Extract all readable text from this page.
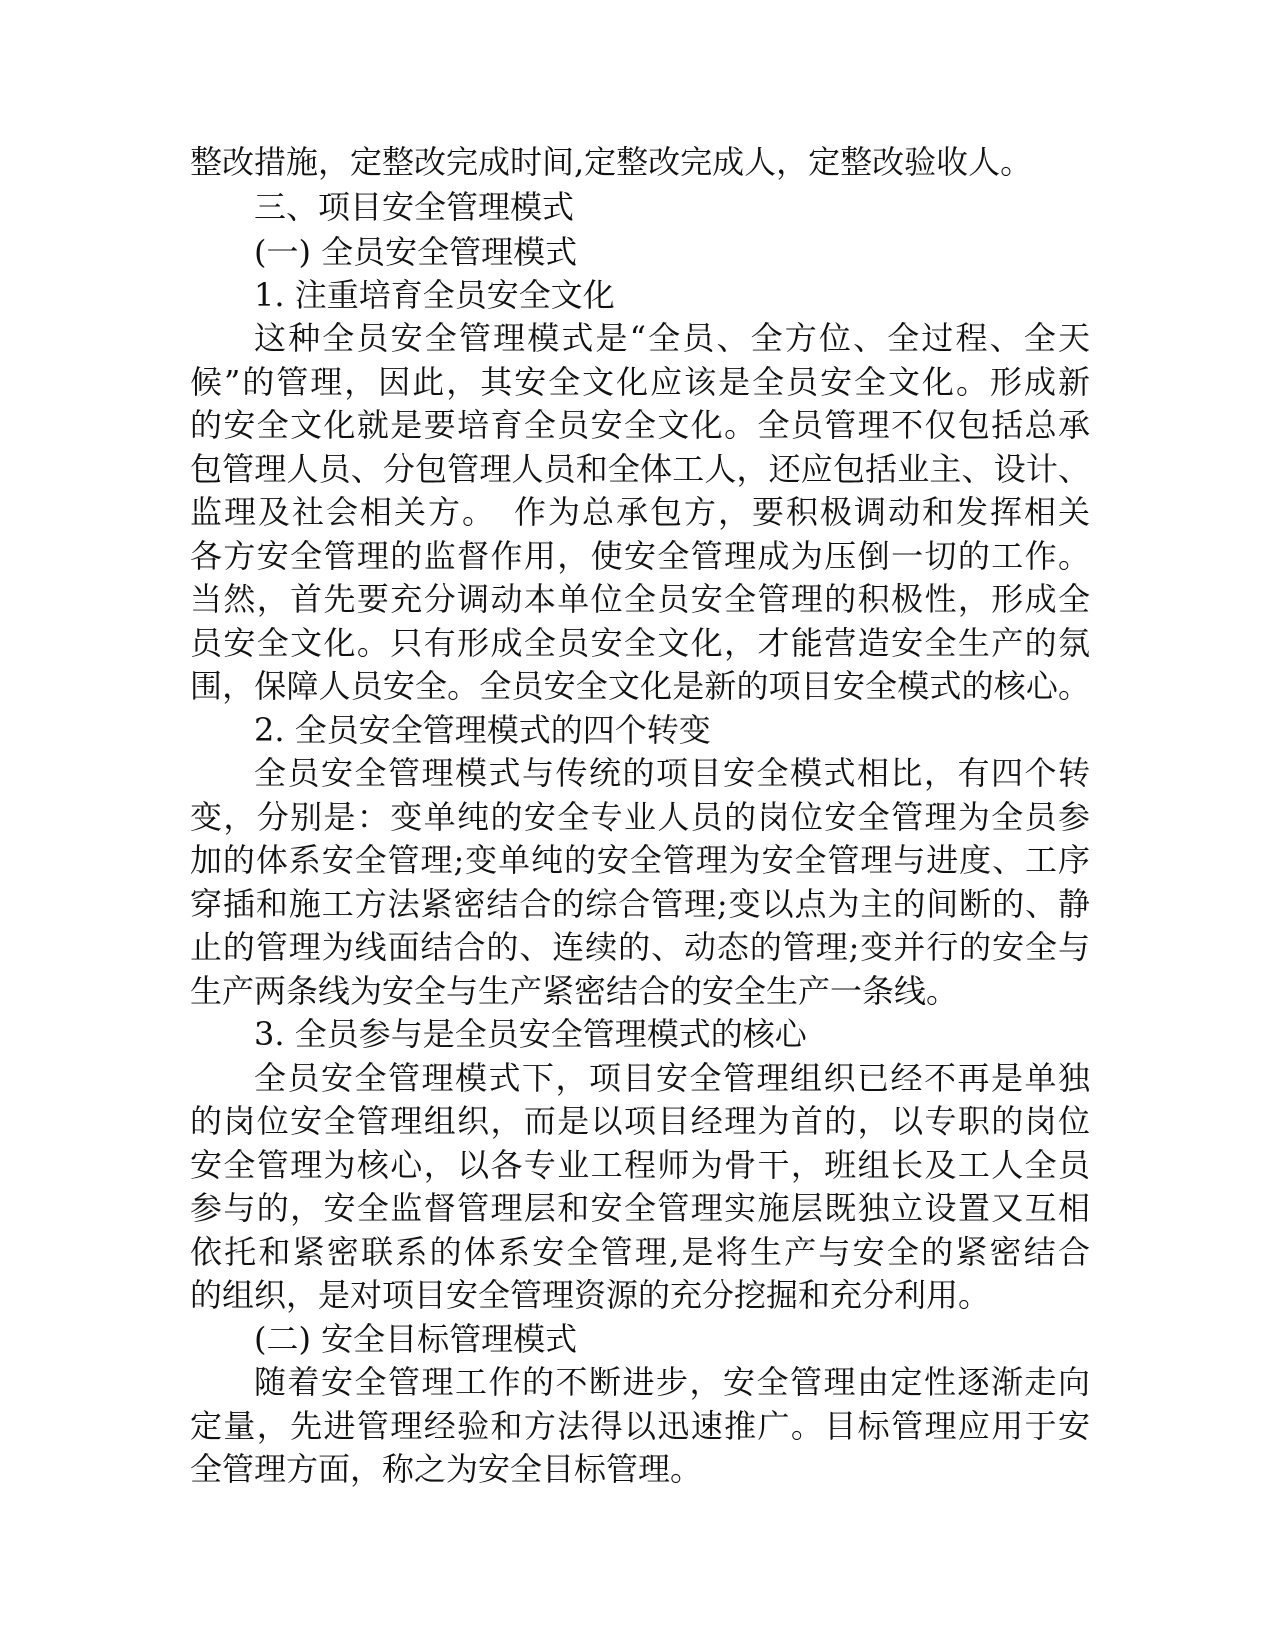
整改措施，定整改完成时间,定整改完成人，定整改验收人。
三、项目安全管理模式
(一) 全员安全管理模式
1. 注重培育全员安全文化
这种全员安全管理模式是“全员、全方位、全过程、全天
候”的管理，因此，其安全文化应该是全员安全文化。形成新
的安全文化就是要培育全员安全文化。全员管理不仅包括总承
包管理人员、分包管理人员和全体工人，还应包括业主、设计、
监理及社会相关方。　作为总承包方，要积极调动和发挥相关
各方安全管理的监督作用，使安全管理成为压倒一切的工作。
当然，首先要充分调动本单位全员安全管理的积极性，形成全
员安全文化。只有形成全员安全文化，才能营造安全生产的氛
围，保障人员安全。全员安全文化是新的项目安全模式的核心。
2. 全员安全管理模式的四个转变
全员安全管理模式与传统的项目安全模式相比，有四个转
变，分别是：变单纯的安全专业人员的岗位安全管理为全员参
加的体系安全管理;变单纯的安全管理为安全管理与进度、工序
穿插和施工方法紧密结合的综合管理;变以点为主的间断的、静
止的管理为线面结合的、连续的、动态的管理;变并行的安全与
生产两条线为安全与生产紧密结合的安全生产一条线。
3. 全员参与是全员安全管理模式的核心
全员安全管理模式下，项目安全管理组织已经不再是单独
的岗位安全管理组织，而是以项目经理为首的，以专职的岗位
安全管理为核心，以各专业工程师为骨干，班组长及工人全员
参与的，安全监督管理层和安全管理实施层既独立设置又互相
依托和紧密联系的体系安全管理,是将生产与安全的紧密结合
的组织，是对项目安全管理资源的充分挖掘和充分利用。
(二) 安全目标管理模式
随着安全管理工作的不断进步，安全管理由定性逐渐走向
定量，先进管理经验和方法得以迅速推广。目标管理应用于安
全管理方面，称之为安全目标管理。
